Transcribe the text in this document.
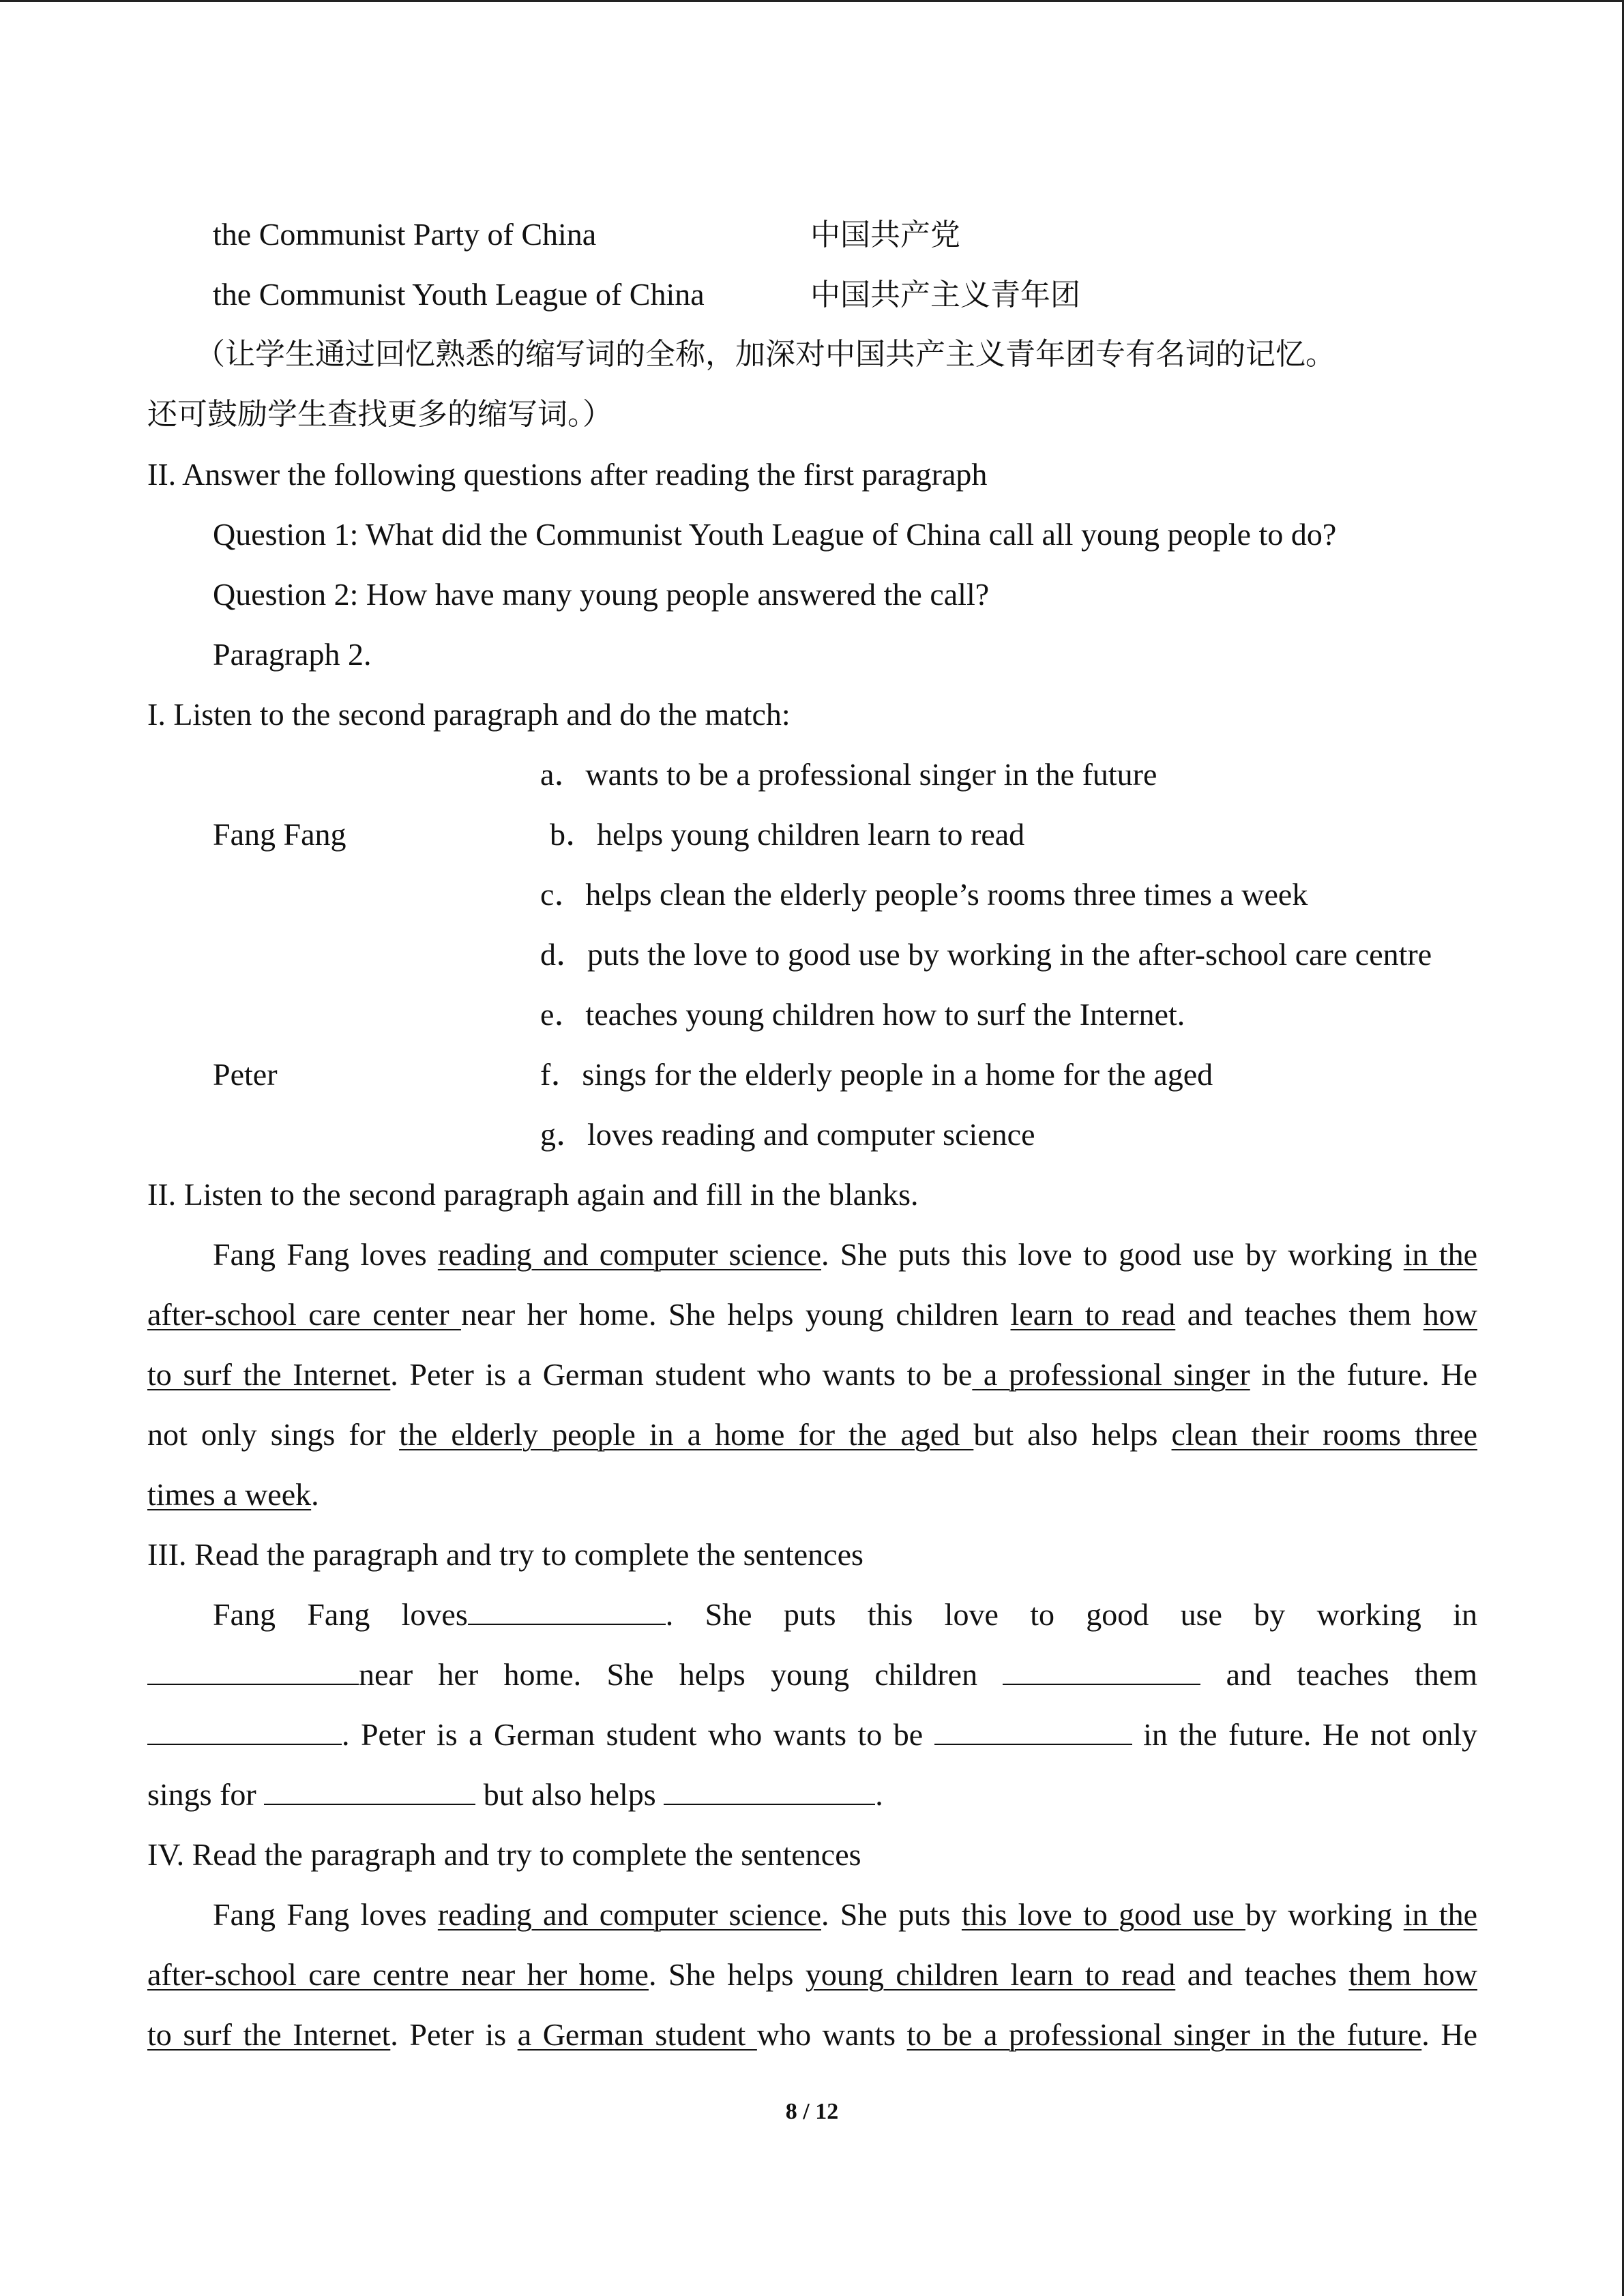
the Communist Party of China	中国共产党
the Communist Youth League of China	中国共产主义青年团
（让学生通过回忆熟悉的缩写词的全称，加深对中国共产主义青年团专有名词的记忆。
还可鼓励学生查找更多的缩写词。）
II. Answer the following questions after reading the first paragraph
Question 1: What did the Communist Youth League of China call all young people to do?
Question 2: How have many young people answered the call?
Paragraph 2.
I. Listen to the second paragraph and do the match:
a．wants to be a professional singer in the future
Fang Fang	b．helps young children learn to read
c．helps clean the elderly people’s rooms three times a week
d．puts the love to good use by working in the after-school care centre
e．teaches young children how to surf the Internet.
Peter	f．sings for the elderly people in a home for the aged
g．loves reading and computer science
II. Listen to the second paragraph again and fill in the blanks.
Fang Fang loves reading and computer science. She puts this love to good use by working in the
after-school care center near her home. She helps young children learn to read and teaches them how
to surf the Internet. Peter is a German student who wants to be a professional singer in the future. He
not only sings for the elderly people in a home for the aged but also helps clean their rooms three
times a week.
III. Read the paragraph and try to complete the sentences
Fang Fang loves	. She puts this love to good use by working in
near her home. She helps young children	and teaches them
. Peter is a German student who wants to be	in the future. He not only
sings for	but also helps	.
IV. Read the paragraph and try to complete the sentences
Fang Fang loves reading and computer science. She puts this love to good use by working in the
after-school care centre near her home. She helps young children learn to read and teaches them how
to surf the Internet. Peter is a German student who wants to be a professional singer in the future. He
8 / 12
